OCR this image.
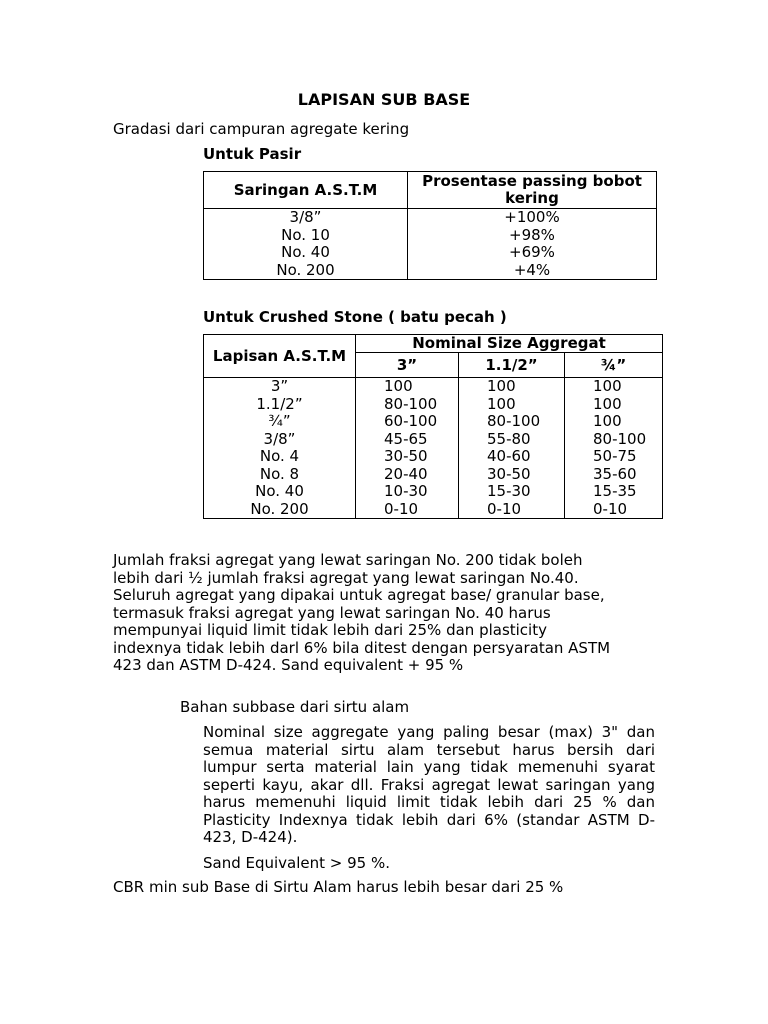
LAPISAN SUB BASE
Gradasi dari campuran agregate kering
Untuk Pasir
Saringan A.S.T.M	Prosentase passing bobot kering
3/8”	+100%
No. 10	+98%
No. 40	+69%
No. 200	+4%
Untuk Crushed Stone ( batu pecah )
Lapisan A.S.T.M	Nominal Size Aggregat		
	3”	1.1/2”	¾”
3”	100	100	100
1.1/2”	80-100	100	100
¾”	60-100	80-100	100
3/8”	45-65	55-80	80-100
No. 4	30-50	40-60	50-75
No. 8	20-40	30-50	35-60
No. 40	10-30	15-30	15-35
No. 200	0-10	0-10	0-10

Jumlah fraksi agregat yang lewat saringan No. 200 tidak boleh

lebih dari ½ jumlah fraksi agregat yang lewat saringan No.40.

Seluruh agregat yang dipakai untuk agregat base/ granular base,

termasuk fraksi agregat yang lewat saringan No. 40 harus

mempunyai liquid limit tidak lebih dari 25% dan plasticity

indexnya tidak lebih darl 6% bila ditest dengan persyaratan ASTM

423 dan ASTM D-424. Sand equivalent + 95 %

Bahan subbase dari sirtu alam

Nominal size aggregate yang paling besar (max) 3" dan semua material sirtu alam tersebut harus bersih dari lumpur serta material lain yang tidak memenuhi syarat seperti kayu, akar dll. Fraksi agregat lewat saringan yang harus memenuhi liquid limit tidak lebih dari 25 % dan Plasticity Indexnya tidak lebih dari 6% (standar ASTM D-423, D-424).

Sand Equivalent > 95 %.
CBR min sub Base di Sirtu Alam harus lebih besar dari 25 %
